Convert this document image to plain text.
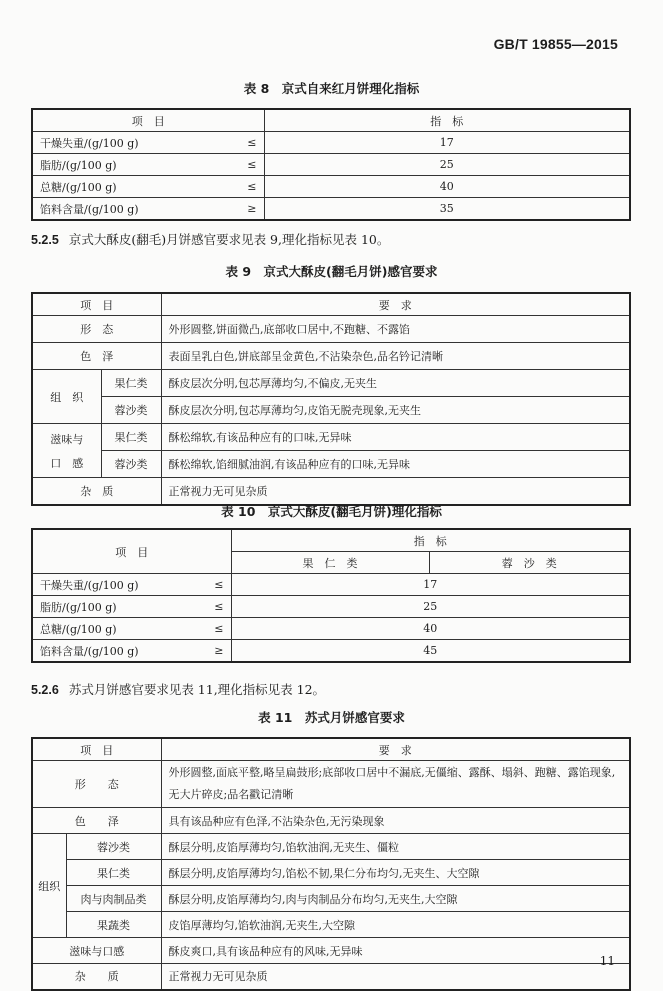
GB/T 19855—2015
表 8　京式自来红月饼理化指标
项　目		指　标
干燥失重/(g/100 g)	≤	17
脂肪/(g/100 g)	≤	25
总糖/(g/100 g)	≤	40
馅料含量/(g/100 g)	≥	35
5.2.5 京式大酥皮(翻毛)月饼感官要求见表 9,理化指标见表 10。
表 9　京式大酥皮(翻毛月饼)感官要求
项　目		要　求
形　态		外形圆整,饼面微凸,底部收口居中,不跑糖、不露馅
色　泽		表面呈乳白色,饼底部呈金黄色,不沾染杂色,品名钤记清晰
组　织	果仁类	酥皮层次分明,包芯厚薄均匀,不偏皮,无夹生
	蓉沙类	酥皮层次分明,包芯厚薄均匀,皮馅无脱壳现象,无夹生

滋味与
口　感	果仁类	酥松绵软,有该品种应有的口味,无异味
	蓉沙类	酥松绵软,馅细腻油润,有该品种应有的口味,无异味
杂　质		正常视力无可见杂质
表 10　京式大酥皮(翻毛月饼)理化指标
项　目		指　标	
		果　仁　类	蓉　沙　类
干燥失重/(g/100 g)	≤	17	
脂肪/(g/100 g)	≤	25	
总糖/(g/100 g)	≤	40	
馅料含量/(g/100 g)	≥	45	
5.2.6 苏式月饼感官要求见表 11,理化指标见表 12。
表 11　苏式月饼感官要求
项　目		要　求
形　　态		外形圆整,面底平整,略呈扁鼓形;底部收口居中不漏底,无僵缩、露酥、塌斜、跑糖、露馅现象,无大片碎皮;品名戳记清晰
色　　泽		具有该品种应有色泽,不沾染杂色,无污染现象
组织	蓉沙类	酥层分明,皮馅厚薄均匀,馅软油润,无夹生、僵粒
	果仁类	酥层分明,皮馅厚薄均匀,馅松不韧,果仁分布均匀,无夹生、大空隙
	肉与肉制品类	酥层分明,皮馅厚薄均匀,肉与肉制品分布均匀,无夹生,大空隙
	果蔬类	皮馅厚薄均匀,馅软油润,无夹生,大空隙
滋味与口感		酥皮爽口,具有该品种应有的风味,无异味
杂　　质		正常视力无可见杂质
11
